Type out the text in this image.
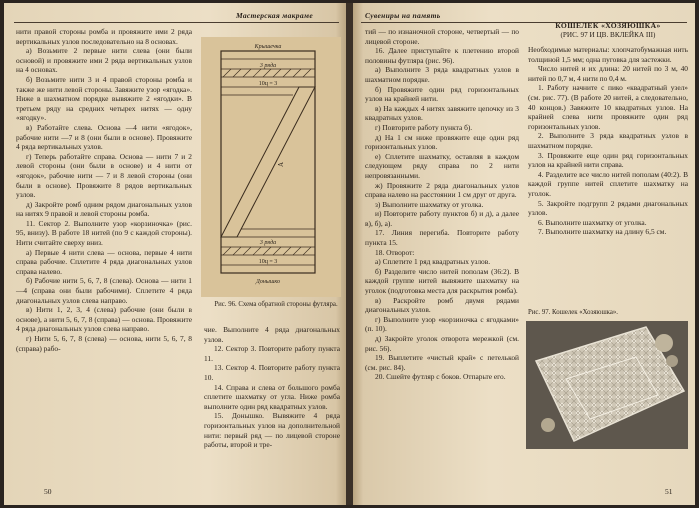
Мастерская макраме

нити правой стороны ромба и провяжите ими 2 ряда вертикальных узлов последовательно на 8 основах.

а) Возьмите 2 первые нити слева (они были основой) и провяжите ими 2 ряда вертикальных узлов на 4 основах.

б) Возьмите нити 3 и 4 правой стороны ромба и также же нити левой стороны. Завяжите узор «ягодка». Ниже в шахматном порядке вывяжите 2 «ягодки». В третьем ряду на средних четырех нитях — одну «ягодку».

в) Работайте слева. Основа —4 нити «ягодок», рабочие нити —7 и 8 (они были в основе). Провяжите 4 ряда вертикальных узлов.

г) Теперь работайте справа. Основа — нити 7 и 2 левой стороны (они были в основе) и 4 нити от «ягодок», рабочие нити — 7 и 8 левой стороны (они были в основе). Провяжите 8 рядов вертикальных узлов.

д) Закройте ромб одним рядом диагональных узлов на нитях 9 правой и левой стороны ромба.

11. Сектор 2. Выполните узор «корзиночка» (рис. 95, внизу). В работе 18 нитей (по 9 с каждой стороны). Нити считайте сверху вниз.

а) Первые 4 нити слева — основа, первые 4 нити справа рабочие. Сплетите 4 ряда диагональных узлов справа налево.

б) Рабочие нити 5, 6, 7, 8 (слева). Основа — нити 1—4 (справа они были рабочими). Сплетите 4 ряда диагональных узлов слева направо.

в) Нити 1, 2, 3, 4 (слева) рабочие (они были в основе), а нити 5, 6, 7, 8 (справа) — основа. Провяжите 4 ряда диагональных узлов слева направо.

г) Нити 5, 6, 7, 8 (слева) — основа, нити 5, 6, 7, 8 (справа) рабо-

Крышечка
3 ряда
10ц = 3
А
3 ряда
10ц = 3
Донышко
Рис. 96. Схема обратной стороны футляра.

чие. Выполните 4 ряда диагональных узлов.

12. Сектор 3. Повторите работу пункта 11.

13. Сектор 4. Повторите работу пункта 10.

14. Справа и слева от большого ромба сплетите шахматку от угла. Ниже ромба выполните один ряд квадратных узлов.

15. Донышко. Вывяжите 4 ряда горизонтальных узлов на дополнительной нити: первый ряд — по лицевой стороне работы, второй и тре-

50
Сувениры на память

тий — по изнаночной стороне, четвертый — по лицевой стороне.

16. Далее приступайте к плетению второй половины футляра (рис. 96).

а) Выполните 3 ряда квадратных узлов в шахматном порядке.

б) Провяжите один ряд горизонтальных узлов на крайней нити.

в) На каждых 4 нитях завяжите цепочку из 3 квадратных узлов.

г) Повторите работу пункта б).

д) На 1 см ниже провяжите еще один ряд горизонтальных узлов.

е) Сплетите шахматку, оставляя в каждом следующем ряду справа по 2 нити непровязанными.

ж) Провяжите 2 ряда диагональных узлов справа налево на расстоянии 1 см друг от друга.

з) Выполните шахматку от уголка.

и) Повторите работу пунктов б) и д), а далее в), б), а).

17. Линия перегиба. Повторите работу пункта 15.

18. Отворот:

а) Сплетите 1 ряд квадратных узлов.

б) Разделите число нитей пополам (36:2). В каждой группе нитей вывяжите шахматку на уголок (подготовка места для раскрытия ромба).

в) Раскройте ромб двумя рядами диагональных узлов.

г) Выполните узор «корзиночка с ягодками» (п. 10).

д) Закройте уголок отворота мережкой (см. рис. 56).

19. Выплетите «чистый край» с петелькой (см. рис. 84).

20. Сшейте футляр с боков. Отпарьте его.

КОШЕЛЕК «ХОЗЯЮШКА»
(РИС. 97 И ЦВ. ВКЛЕЙКА III)

Необходимые материалы: хлопчатобумажная нить толщиной 1,5 мм; одна пуговка для застежки.

Число нитей и их длина: 20 нитей по 3 м, 40 нитей по 0,7 м, 4 нити по 0,4 м.

1. Работу начните с пико «квадратный узел» (см. рис. 77). (В работе 20 нитей, а следовательно, 40 концов.) Завяжите 10 квадратных узлов. На крайней слева нити провяжите один ряд горизонтальных узлов.

2. Выполните 3 ряда квадратных узлов в шахматном порядке.

3. Провяжите еще один ряд горизонтальных узлов на крайней нити справа.

4. Разделите все число нитей пополам (40:2). В каждой группе нитей сплетите шахматку на уголок.

5. Закройте подгрупп 2 рядами диагональных узлов.

6. Выполните шахматку от уголка.

7. Выполните шахматку на длину 6,5 см.

Рис. 97. Кошелек «Хозяюшка».
51
